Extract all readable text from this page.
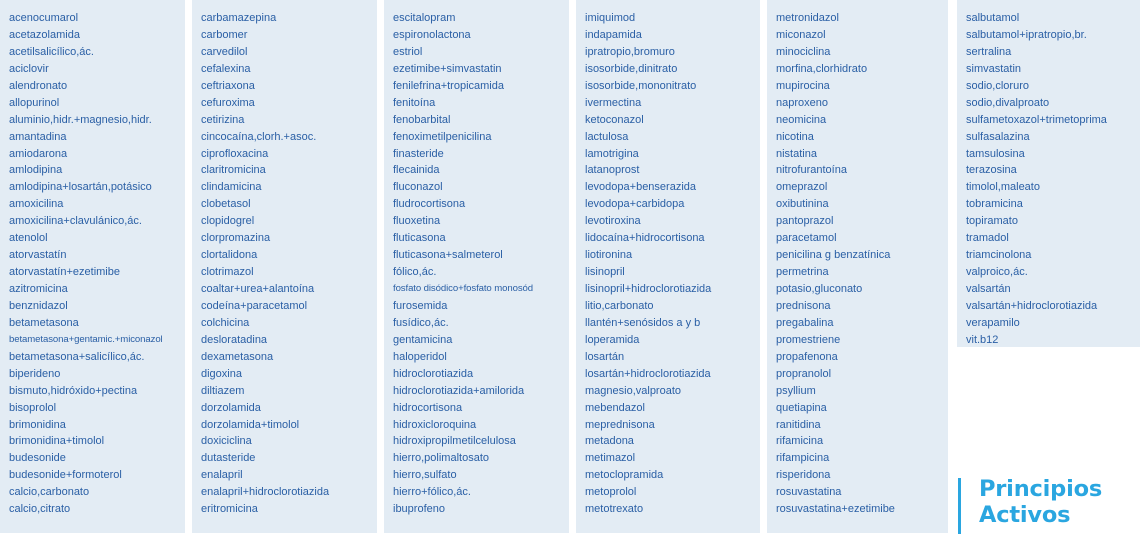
acenocumarol
acetazolamida
acetilsalicílico,ác.
aciclovir
alendronato
allopurinol
aluminio,hidr.+magnesio,hidr.
amantadina
amiodarona
amlodipina
amlodipina+losartán,potásico
amoxicilina
amoxicilina+clavulánico,ác.
atenolol
atorvastatín
atorvastatín+ezetimibe
azitromicina
benznidazol
betametasona
betametasona+gentamic.+miconazol
betametasona+salicílico,ác.
biperideno
bismuto,hidróxido+pectina
bisoprolol
brimonidina
brimonidina+timolol
budesonide
budesonide+formoterol
calcio,carbonato
calcio,citrato
carbamazepina
carbomer
carvedilol
cefalexina
ceftriaxona
cefuroxima
cetirizina
cincocaína,clorh.+asoc.
ciprofloxacina
claritromicina
clindamicina
clobetasol
clopidogrel
clorpromazina
clortalidona
clotrimazol
coaltar+urea+alantoína
codeína+paracetamol
colchicina
desloratadina
dexametasona
digoxina
diltiazem
dorzolamida
dorzolamida+timolol
doxiciclina
dutasteride
enalapril
enalapril+hidroclorotiazida
eritromicina
escitalopram
espironolactona
estriol
ezetimibe+simvastatin
fenilefrina+tropicamida
fenitoína
fenobarbital
fenoximetilpenicilina
finasteride
flecainida
fluconazol
fludrocortisona
fluoxetina
fluticasona
fluticasona+salmeterol
fólico,ác.
fosfato disódico+fosfato monosód
furosemida
fusídico,ác.
gentamicina
haloperidol
hidroclorotiazida
hidroclorotiazida+amilorida
hidrocortisona
hidroxicloroquina
hidroxipropilmetilcelulosa
hierro,polimaltosato
hierro,sulfato
hierro+fólico,ác.
ibuprofeno
imiquimod
indapamida
ipratropio,bromuro
isosorbide,dinitrato
isosorbide,mononitrato
ivermectina
ketoconazol
lactulosa
lamotrigina
latanoprost
levodopa+benserazida
levodopa+carbidopa
levotiroxina
lidocaína+hidrocortisona
liotironina
lisinopril
lisinopril+hidroclorotiazida
litio,carbonato
llantén+senósidos a y b
loperamida
losartán
losartán+hidroclorotiazida
magnesio,valproato
mebendazol
meprednisona
metadona
metimazol
metoclopramida
metoprolol
metotrexato
metronidazol
miconazol
minociclina
morfina,clorhidrato
mupirocina
naproxeno
neomicina
nicotina
nistatina
nitrofurantoína
omeprazol
oxibutinina
pantoprazol
paracetamol
penicilina g benzatínica
permetrina
potasio,gluconato
prednisona
pregabalina
promestriene
propafenona
propranolol
psyllium
quetiapina
ranitidina
rifamicina
rifampicina
risperidona
rosuvastatina
rosuvastatina+ezetimibe
salbutamol
salbutamol+ipratropio,br.
sertralina
simvastatin
sodio,cloruro
sodio,divalproato
sulfametoxazol+trimetoprima
sulfasalazina
tamsulosina
terazosina
timolol,maleato
tobramicina
topiramato
tramadol
triamcinolona
valproico,ác.
valsartán
valsartán+hidroclorotiazida
verapamilo
vit.b12
Principios
Activos
